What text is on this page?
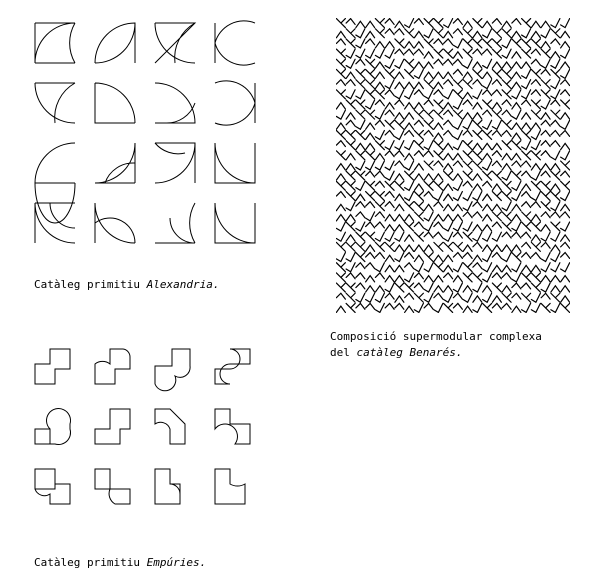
Catàleg primitiu Alexandria.
Composició supermodular complexa
del catàleg Benarés.
Catàleg primitiu Empúries.
